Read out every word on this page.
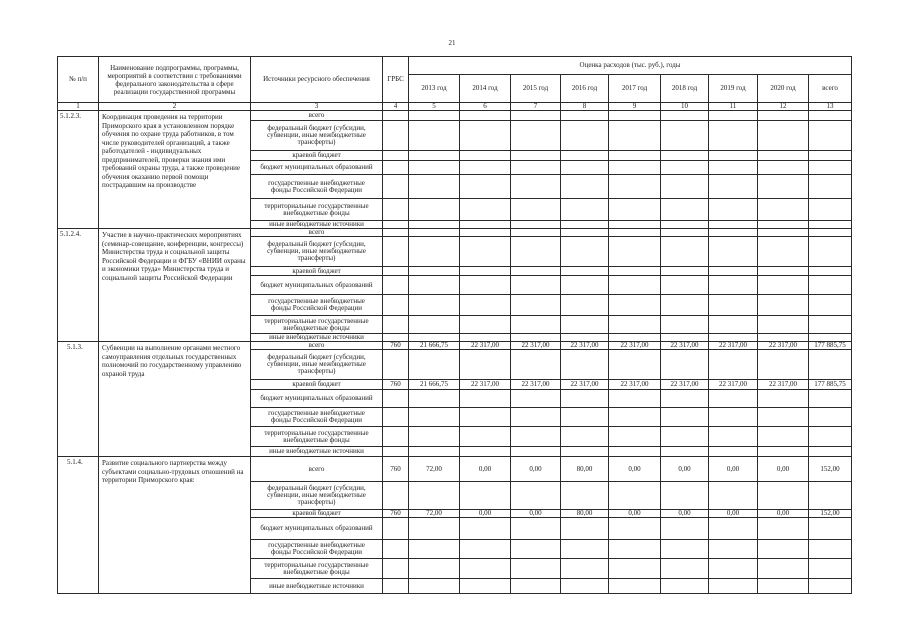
21
№ п/п	Наименование подпрограммы, программы, мероприятий в соответствии с требованиями федерального законодательства в сфере реализации государственной программы	Источники ресурсного обеспечения	ГРБС	Оценка расходов (тыс. руб.), годы								
				2013 год	2014 год	2015 год	2016 год	2017 год	2018 год	2019 год	2020 год	всего
1	2	3	4	5	6	7	8	9	10	11	12	13
5.1.2.3.	Координация проведения на территории Приморского края в установленном порядке обучения по охране труда работников, в том числе руководителей организаций, а также работодателей - индивидуальных предпринимателей, проверки знания ими требований охраны труда, а также проведение обучения оказанию первой помощи пострадавшим на производстве	всего										
		федеральный бюджет (субсидии, субвенции, иные межбюджетные трансферты)										
		краевой бюджет										
		бюджет муниципальных образований										
		государственные внебюджетные фонды Российской Федерации										
		территориальные государственные внебюджетные фонды										
		иные внебюджетные источники										
5.1.2.4.	Участие в научно-практических мероприятиях (семинар-совещание, конференции, конгрессы) Министерства труда и социальной защиты Российской Федерации и ФГБУ «ВНИИ охраны и экономики труда» Министерства труда и социальной защиты Российской Федерации	всего										
		федеральный бюджет (субсидии, субвенции, иные межбюджетные трансферты)										
		краевой бюджет										
		бюджет муниципальных образований										
		государственные внебюджетные фонды Российской Федерации										
		территориальные государственные внебюджетные фонды										
		иные внебюджетные источники										
5.1.3.	Субвенции на выполнение органами местного самоуправления отдельных государственных полномочий по государственному управлению охраной труда	всего	760	21 666,75	22 317,00	22 317,00	22 317,00	22 317,00	22 317,00	22 317,00	22 317,00	177 885,75
		федеральный бюджет (субсидии, субвенции, иные межбюджетные трансферты)										
		краевой бюджет	760	21 666,75	22 317,00	22 317,00	22 317,00	22 317,00	22 317,00	22 317,00	22 317,00	177 885,75
		бюджет муниципальных образований										
		государственные внебюджетные фонды Российской Федерации										
		территориальные государственные внебюджетные фонды										
		иные внебюджетные источники										
5.1.4.	Развитие социального партнерства между субъектами социально-трудовых отношений на территории Приморского края:	всего	760	72,00	0,00	0,00	80,00	0,00	0,00	0,00	0,00	152,00
		федеральный бюджет (субсидии, субвенции, иные межбюджетные трансферты)										
		краевой бюджет	760	72,00	0,00	0,00	80,00	0,00	0,00	0,00	0,00	152,00
		бюджет муниципальных образований										
		государственные внебюджетные фонды Российской Федерации										
		территориальные государственные внебюджетные фонды										
		иные внебюджетные источники										
